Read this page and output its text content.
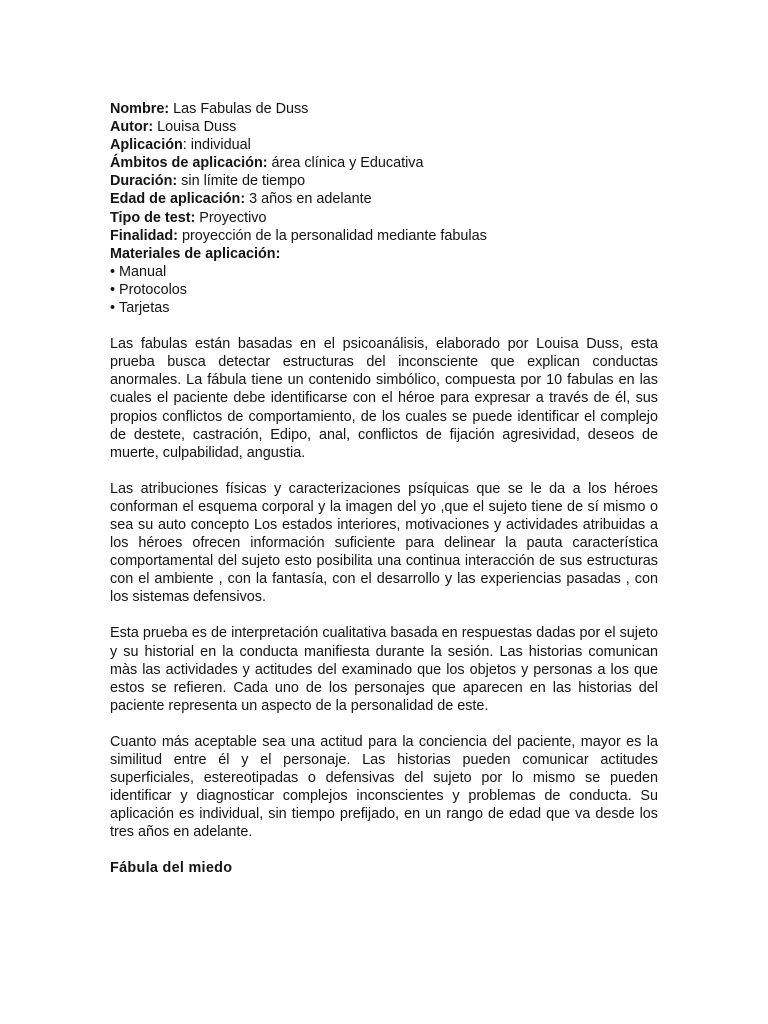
Nombre: Las Fabulas de Duss
Autor: Louisa Duss
Aplicación: individual
Ámbitos de aplicación: área clínica y Educativa
Duración: sin límite de tiempo
Edad de aplicación: 3 años en adelante
Tipo de test: Proyectivo
Finalidad: proyección de la personalidad mediante fabulas
Materiales de aplicación:
• Manual
• Protocolos
• Tarjetas

Las fabulas están basadas en el psicoanálisis, elaborado por Louisa Duss, esta prueba busca detectar estructuras del inconsciente que explican conductas anormales. La fábula tiene un contenido simbólico, compuesta por 10 fabulas en las cuales el paciente debe identificarse con el héroe para expresar a través de él, sus propios conflictos de comportamiento, de los cuales se puede identificar el complejo de destete, castración, Edipo, anal, conflictos de fijación agresividad, deseos de muerte, culpabilidad, angustia.

Las atribuciones físicas y caracterizaciones psíquicas que se le da a los héroes conforman el esquema corporal y la imagen del yo ,que el sujeto tiene de sí mismo o sea su auto concepto Los estados interiores, motivaciones y actividades atribuidas a los héroes ofrecen información suficiente para delinear la pauta característica comportamental del sujeto esto posibilita una continua interacción de sus estructuras con el ambiente , con la fantasía, con el desarrollo y las experiencias pasadas , con los sistemas defensivos.

Esta prueba es de interpretación cualitativa basada en respuestas dadas por el sujeto y su historial en la conducta manifiesta durante la sesión. Las historias comunican màs las actividades y actitudes del examinado que los objetos y personas a los que estos se refieren. Cada uno de los personajes que aparecen en las historias del paciente representa un aspecto de la personalidad de este.

Cuanto más aceptable sea una actitud para la conciencia del paciente, mayor es la similitud entre él y el personaje. Las historias pueden comunicar actitudes superficiales, estereotipadas o defensivas del sujeto por lo mismo se pueden identificar y diagnosticar complejos inconscientes y problemas de conducta. Su aplicación es individual, sin tiempo prefijado, en un rango de edad que va desde los tres años en adelante.

Fábula del miedo
